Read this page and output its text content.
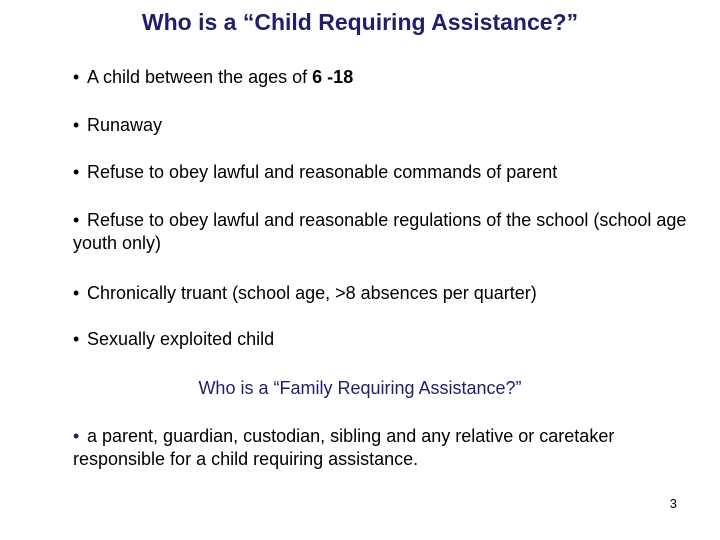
Who is a “Child Requiring Assistance?”
• A child between the ages of 6 -18
• Runaway
• Refuse to obey lawful and reasonable commands of parent
• Refuse to obey lawful and reasonable regulations of the school (school age youth only)
• Chronically truant (school age, >8 absences per quarter)
• Sexually exploited child
Who is a “Family Requiring Assistance?”
• a parent, guardian, custodian, sibling and any relative or caretaker responsible for a child requiring assistance.
3
